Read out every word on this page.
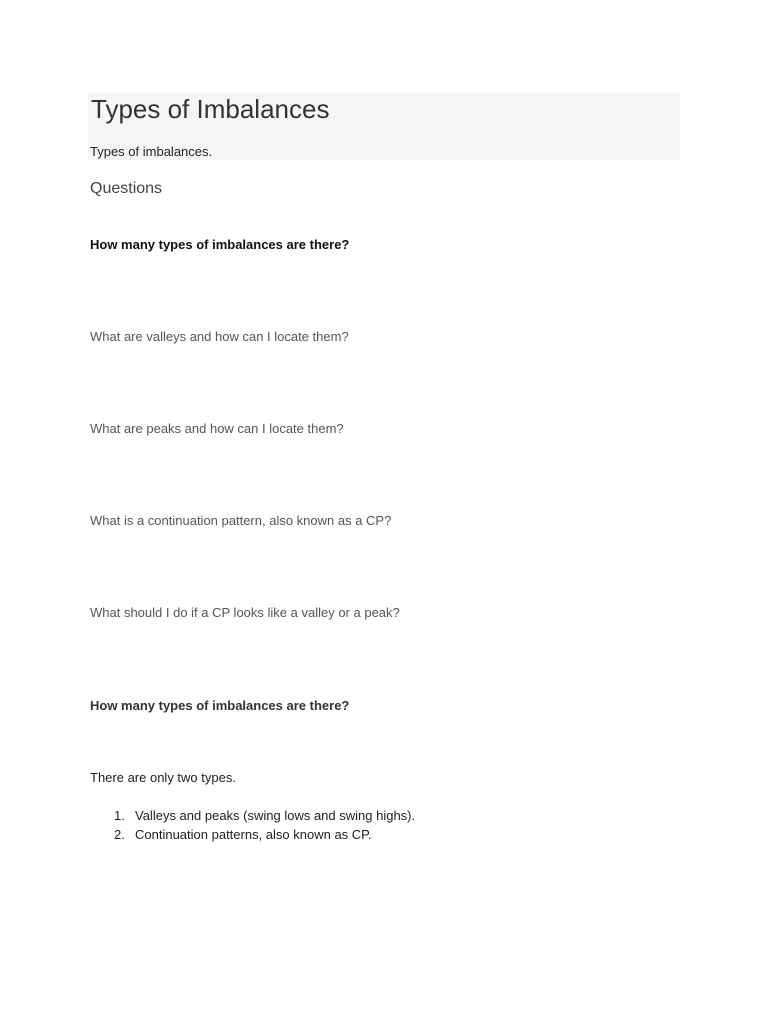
Types of Imbalances

Types of imbalances.

Questions
How many types of imbalances are there?
What are valleys and how can I locate them?
What are peaks and how can I locate them?
What is a continuation pattern, also known as a CP?
What should I do if a CP looks like a valley or a peak?
How many types of imbalances are there?

There are only two types.

1. Valleys and peaks (swing lows and swing highs).
2. Continuation patterns, also known as CP.
